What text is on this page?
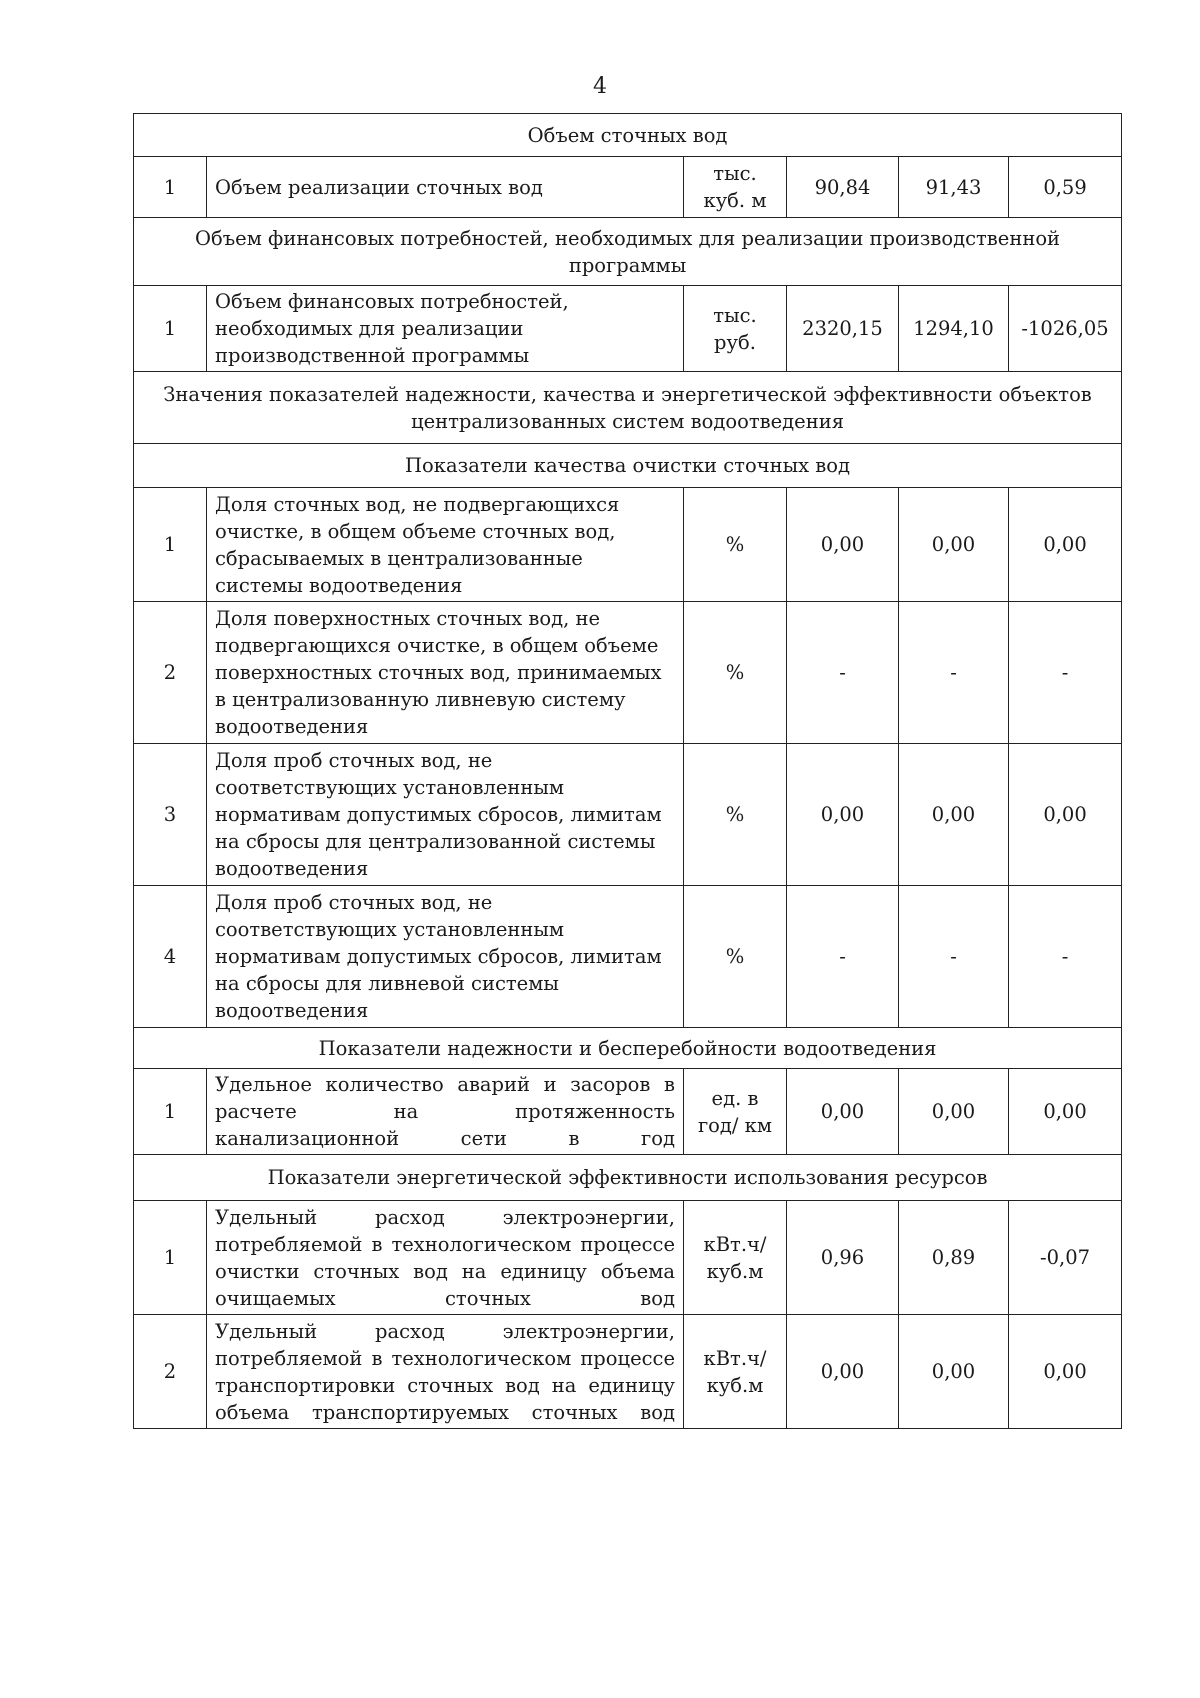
4
Объем сточных вод					
1	Объем реализации сточных вод	тыс. куб. м	90,84	91,43	0,59
Объем финансовых потребностей, необходимых для реализации производственной программы					
1	Объем финансовых потребностей, необходимых для реализации производственной программы	тыс. руб.	2320,15	1294,10	-1026,05
Значения показателей надежности, качества и энергетической эффективности объектов централизованных систем водоотведения					
Показатели качества очистки сточных вод					
1	Доля сточных вод, не подвергающихся очистке, в общем объеме сточных вод, сбрасываемых в централизованные системы водоотведения	%	0,00	0,00	0,00
2	Доля поверхностных сточных вод, не подвергающихся очистке, в общем объеме поверхностных сточных вод, принимаемых в централизованную ливневую систему водоотведения	%	-	-	-
3	Доля проб сточных вод, не соответствующих установленным нормативам допустимых сбросов, лимитам на сбросы для централизованной системы водоотведения	%	0,00	0,00	0,00
4	Доля проб сточных вод, не соответствующих установленным нормативам допустимых сбросов, лимитам на сбросы для ливневой системы водоотведения	%	-	-	-
Показатели надежности и бесперебойности водоотведения					
1	Удельное количество аварий и засоров в расчете на протяженность канализационной сети в год	ед. в год/ км	0,00	0,00	0,00
Показатели энергетической эффективности использования ресурсов					
1	Удельный расход электроэнергии, потребляемой в технологическом процессе очистки сточных вод на единицу объема очищаемых сточных вод	кВт.ч/ куб.м	0,96	0,89	-0,07
2	Удельный расход электроэнергии, потребляемой в технологическом процессе транспортировки сточных вод на единицу объема транспортируемых сточных вод	кВт.ч/ куб.м	0,00	0,00	0,00
